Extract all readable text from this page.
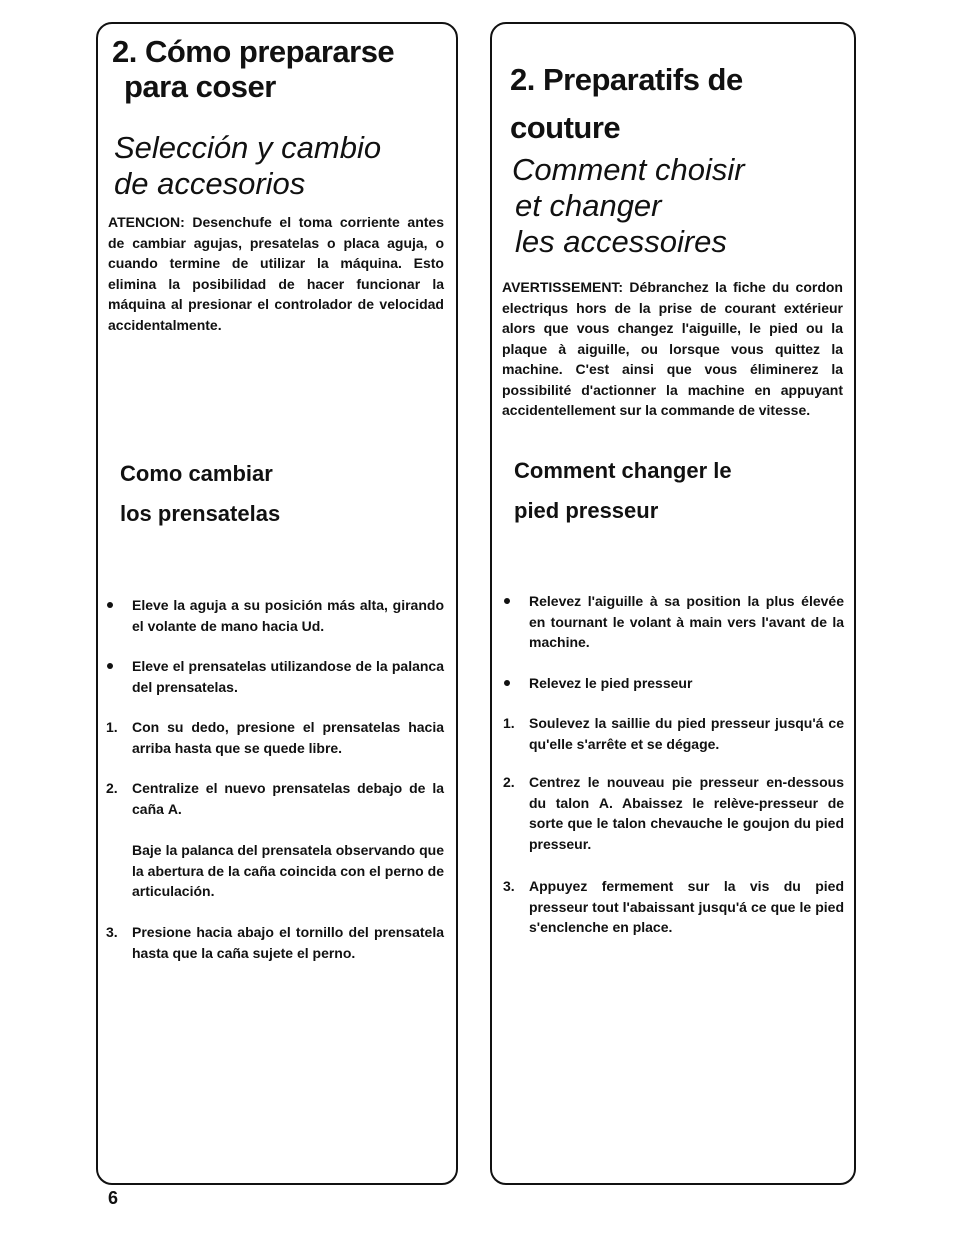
2. Cómo prepararse
para coser
Selección y cambio
de accesorios

ATENCION: Desenchufe el toma corriente antes de cambiar agujas, presatelas o placa aguja, o cuando termine de utilizar la máquina. Esto elimina la posibilidad de hacer funcionar la máquina al presionar el controlador de velocidad accidentalmente.

Como cambiar
los prensatelas
Eleve la aguja a su posición más alta, girando el volante de mano hacia Ud.
Eleve el prensatelas utilizandose de la palanca del prensatelas.
1. Con su dedo, presione el prensatelas hacia arriba hasta que se quede libre.
2. Centralize el nuevo prensatelas debajo de la caña A.
Baje la palanca del prensatela observando que la abertura de la caña coincida con el perno de articulación.
3. Presione hacia abajo el tornillo del prensatela hasta que la caña sujete el perno.
2. Preparatifs de
couture
Comment choisir
et changer
les accessoires

AVERTISSEMENT: Débranchez la fiche du cordon electriqus hors de la prise de courant extérieur alors que vous changez l'aiguille, le pied ou la plaque à aiguille, ou lorsque vous quittez la machine. C'est ainsi que vous éliminerez la possibilité d'actionner la machine en appuyant accidentellement sur la commande de vitesse.

Comment changer le
pied presseur
Relevez l'aiguille à sa position la plus élevée en tournant le volant à main vers l'avant de la machine.
Relevez le pied presseur
1. Soulevez la saillie du pied presseur jusqu'á ce qu'elle s'arrête et se dégage.
2. Centrez le nouveau pie presseur en-dessous du talon A. Abaissez le relève-presseur de sorte que le talon chevauche le goujon du pied presseur.
3. Appuyez fermement sur la vis du pied presseur tout l'abaissant jusqu'á ce que le pied s'enclenche en place.
6
